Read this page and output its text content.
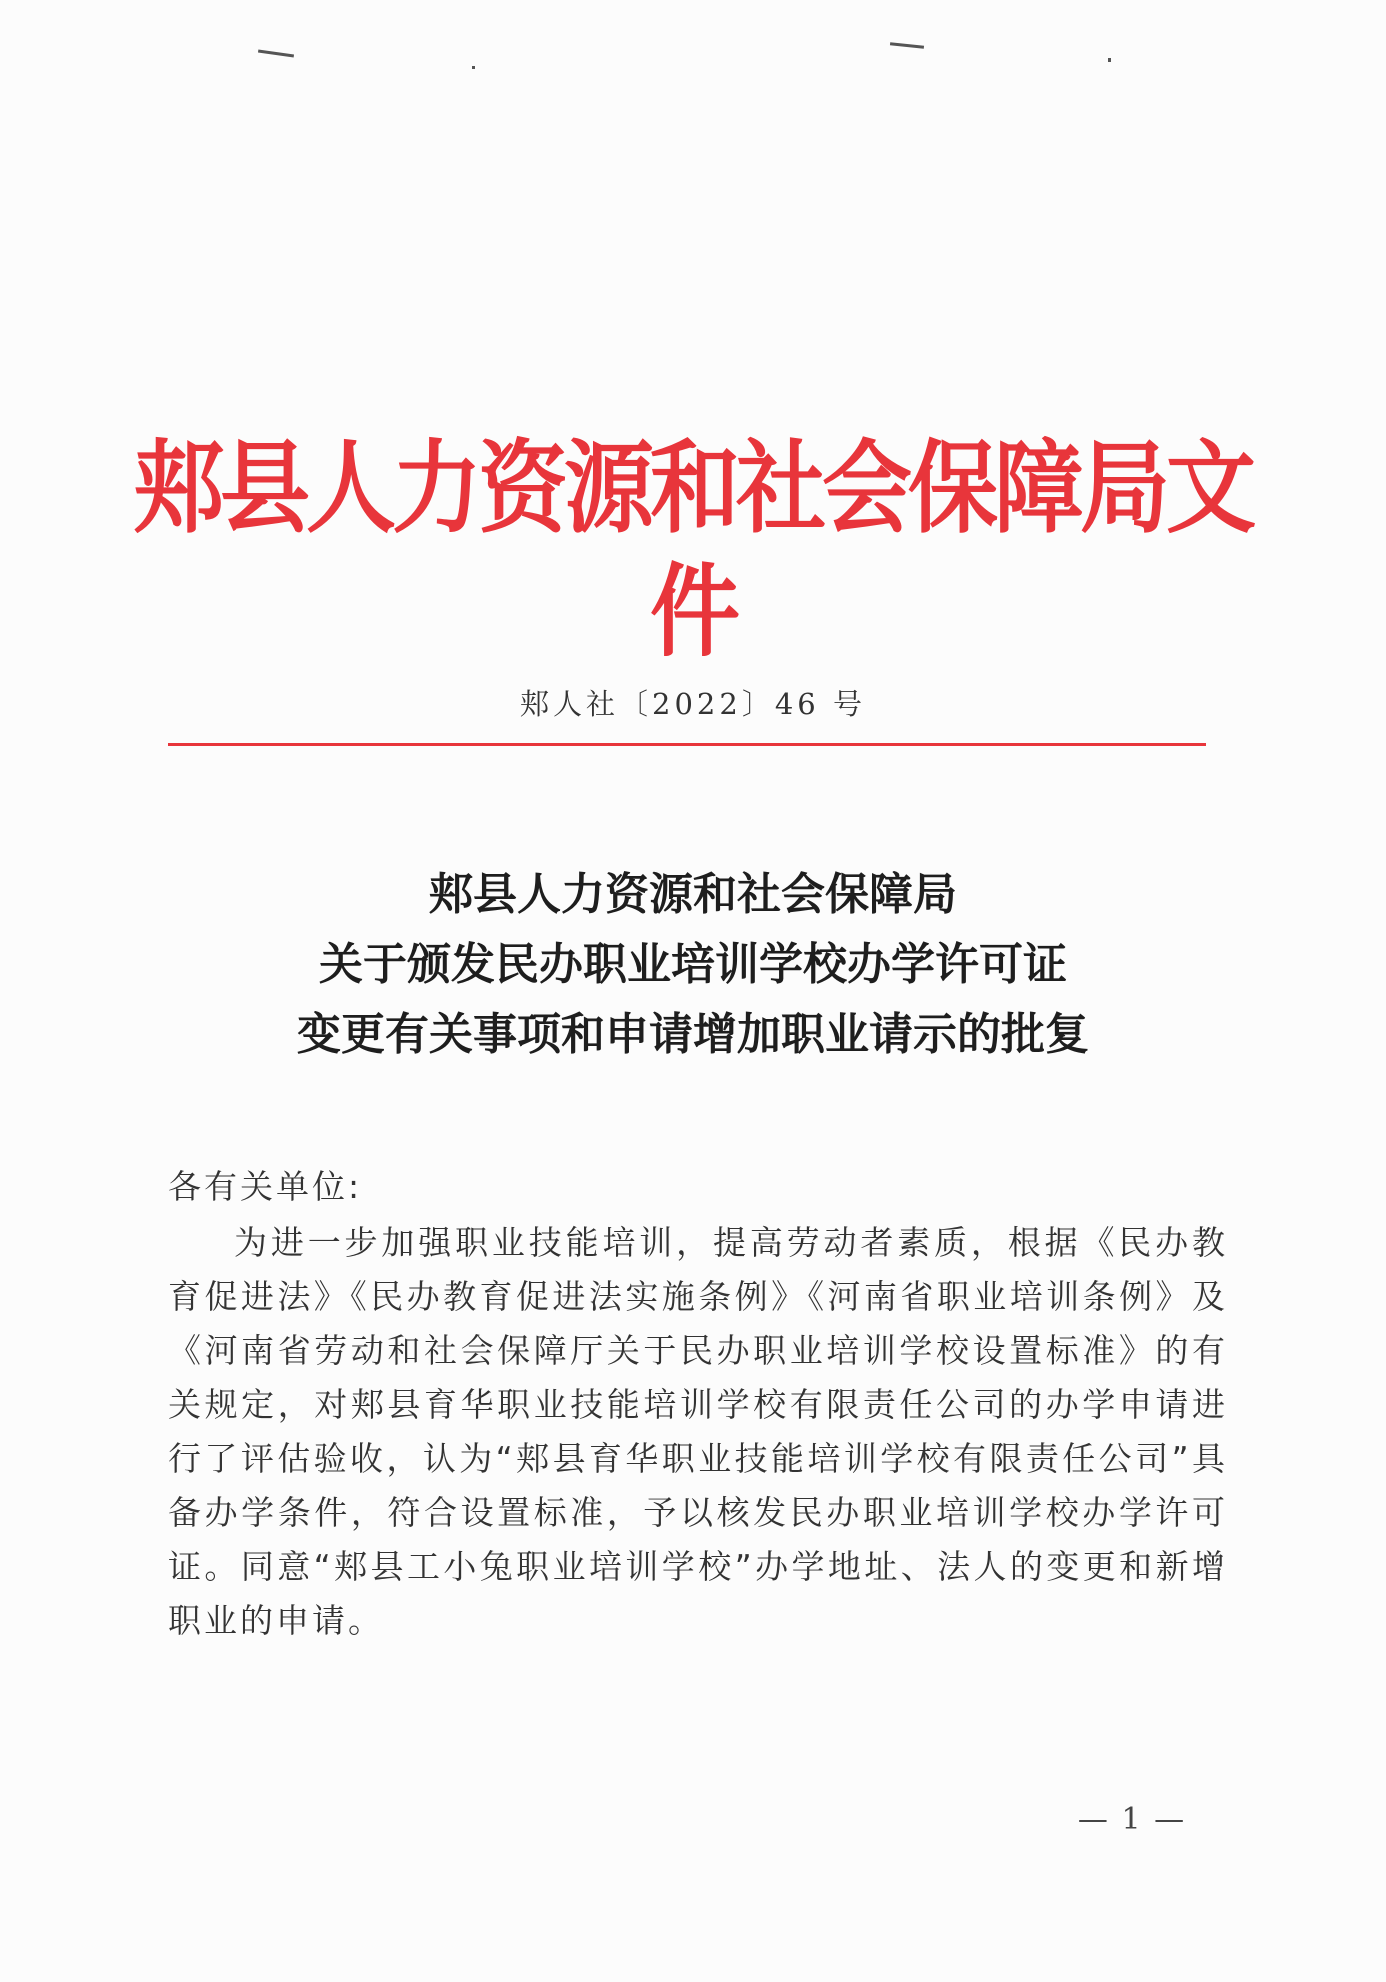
郏县人力资源和社会保障局文件
郏人社〔2022〕46 号
郏县人力资源和社会保障局
关于颁发民办职业培训学校办学许可证
变更有关事项和申请增加职业请示的批复

各有关单位:

为进一步加强职业技能培训，提高劳动者素质，根据《民办教育促进法》《民办教育促进法实施条例》《河南省职业培训条例》及《河南省劳动和社会保障厅关于民办职业培训学校设置标准》的有关规定，对郏县育华职业技能培训学校有限责任公司的办学申请进行了评估验收，认为“郏县育华职业技能培训学校有限责任公司”具备办学条件，符合设置标准，予以核发民办职业培训学校办学许可证。同意“郏县工小兔职业培训学校”办学地址、法人的变更和新增职业的申请。

— 1 —
